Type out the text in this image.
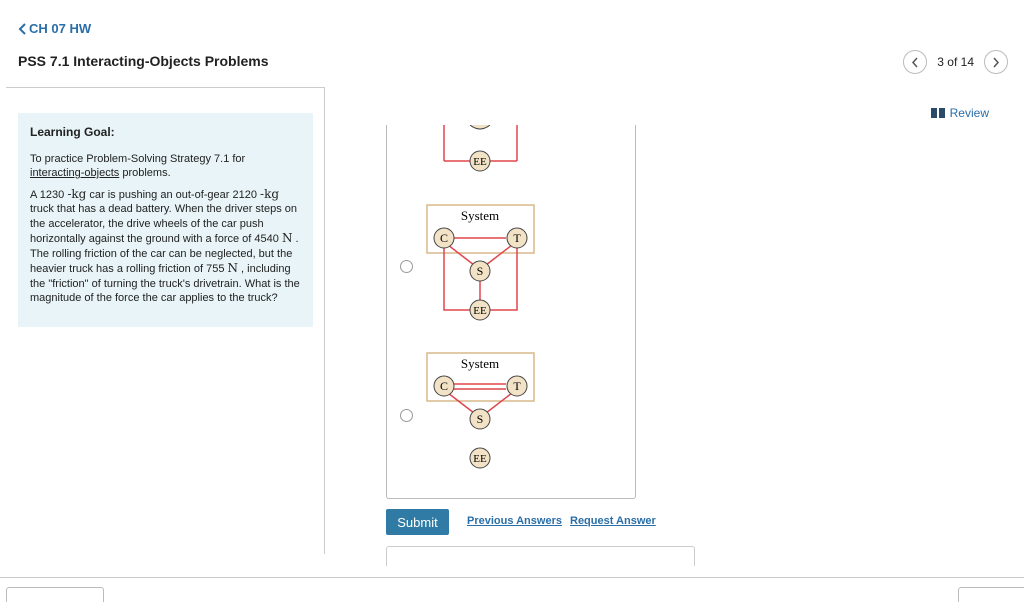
CH 07 HW
PSS 7.1 Interacting-Objects Problems	3 of 14
Review
Learning Goal:
To practice Problem-Solving Strategy 7.1 for interacting-objects problems.
A 1230 -kg car is pushing an out-of-gear 2120 -kg truck that has a dead battery. When the driver steps on the accelerator, the drive wheels of the car push horizontally against the ground with a force of 4540 N . The rolling friction of the car can be neglected, but the heavier truck has a rolling friction of 755 N , including the "friction" of turning the truck's drivetrain. What is the magnitude of the force the car applies to the truck?
EE
System
C	T
S
EE
System
C	T
S
EE
Submit	Previous Answers Request Answer
